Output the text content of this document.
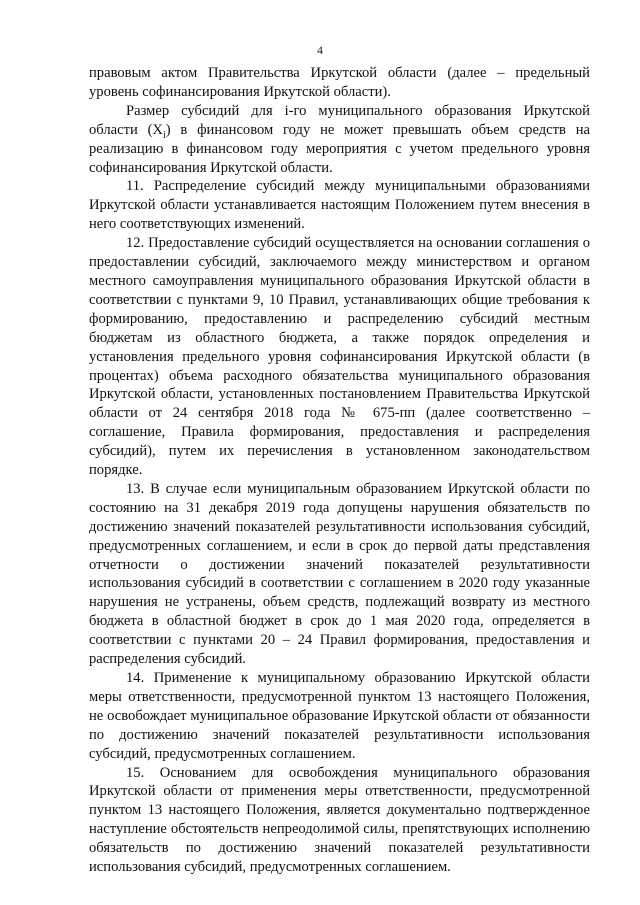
4

правовым актом Правительства Иркутской области (далее – предельный уровень софинансирования Иркутской области).

Размер субсидий для i-го муниципального образования Иркутской области $(X_i)$ в финансовом году не может превышать объем средств на реализацию в финансовом году мероприятия с учетом предельного уровня софинансирования Иркутской области.

11. Распределение субсидий между муниципальными образованиями Иркутской области устанавливается настоящим Положением путем внесения в него соответствующих изменений.

12. Предоставление субсидий осуществляется на основании соглашения о предоставлении субсидий, заключаемого между министерством и органом местного самоуправления муниципального образования Иркутской области в соответствии с пунктами 9, 10 Правил, устанавливающих общие требования к формированию, предоставлению и распределению субсидий местным бюджетам из областного бюджета, а также порядок определения и установления предельного уровня софинансирования Иркутской области (в процентах) объема расходного обязательства муниципального образования Иркутской области, установленных постановлением Правительства Иркутской области от 24 сентября 2018 года № 675-пп (далее соответственно – соглашение, Правила формирования, предоставления и распределения субсидий), путем их перечисления в установленном законодательством порядке.

13. В случае если муниципальным образованием Иркутской области по состоянию на 31 декабря 2019 года допущены нарушения обязательств по достижению значений показателей результативности использования субсидий, предусмотренных соглашением, и если в срок до первой даты представления отчетности о достижении значений показателей результативности использования субсидий в соответствии с соглашением в 2020 году указанные нарушения не устранены, объем средств, подлежащий возврату из местного бюджета в областной бюджет в срок до 1 мая 2020 года, определяется в соответствии с пунктами 20 – 24 Правил формирования, предоставления и распределения субсидий.

14. Применение к муниципальному образованию Иркутской области меры ответственности, предусмотренной пунктом 13 настоящего Положения, не освобождает муниципальное образование Иркутской области от обязанности по достижению значений показателей результативности использования субсидий, предусмотренных соглашением.

15. Основанием для освобождения муниципального образования Иркутской области от применения меры ответственности, предусмотренной пунктом 13 настоящего Положения, является документально подтвержденное наступление обстоятельств непреодолимой силы, препятствующих исполнению обязательств по достижению значений показателей результативности использования субсидий, предусмотренных соглашением.
